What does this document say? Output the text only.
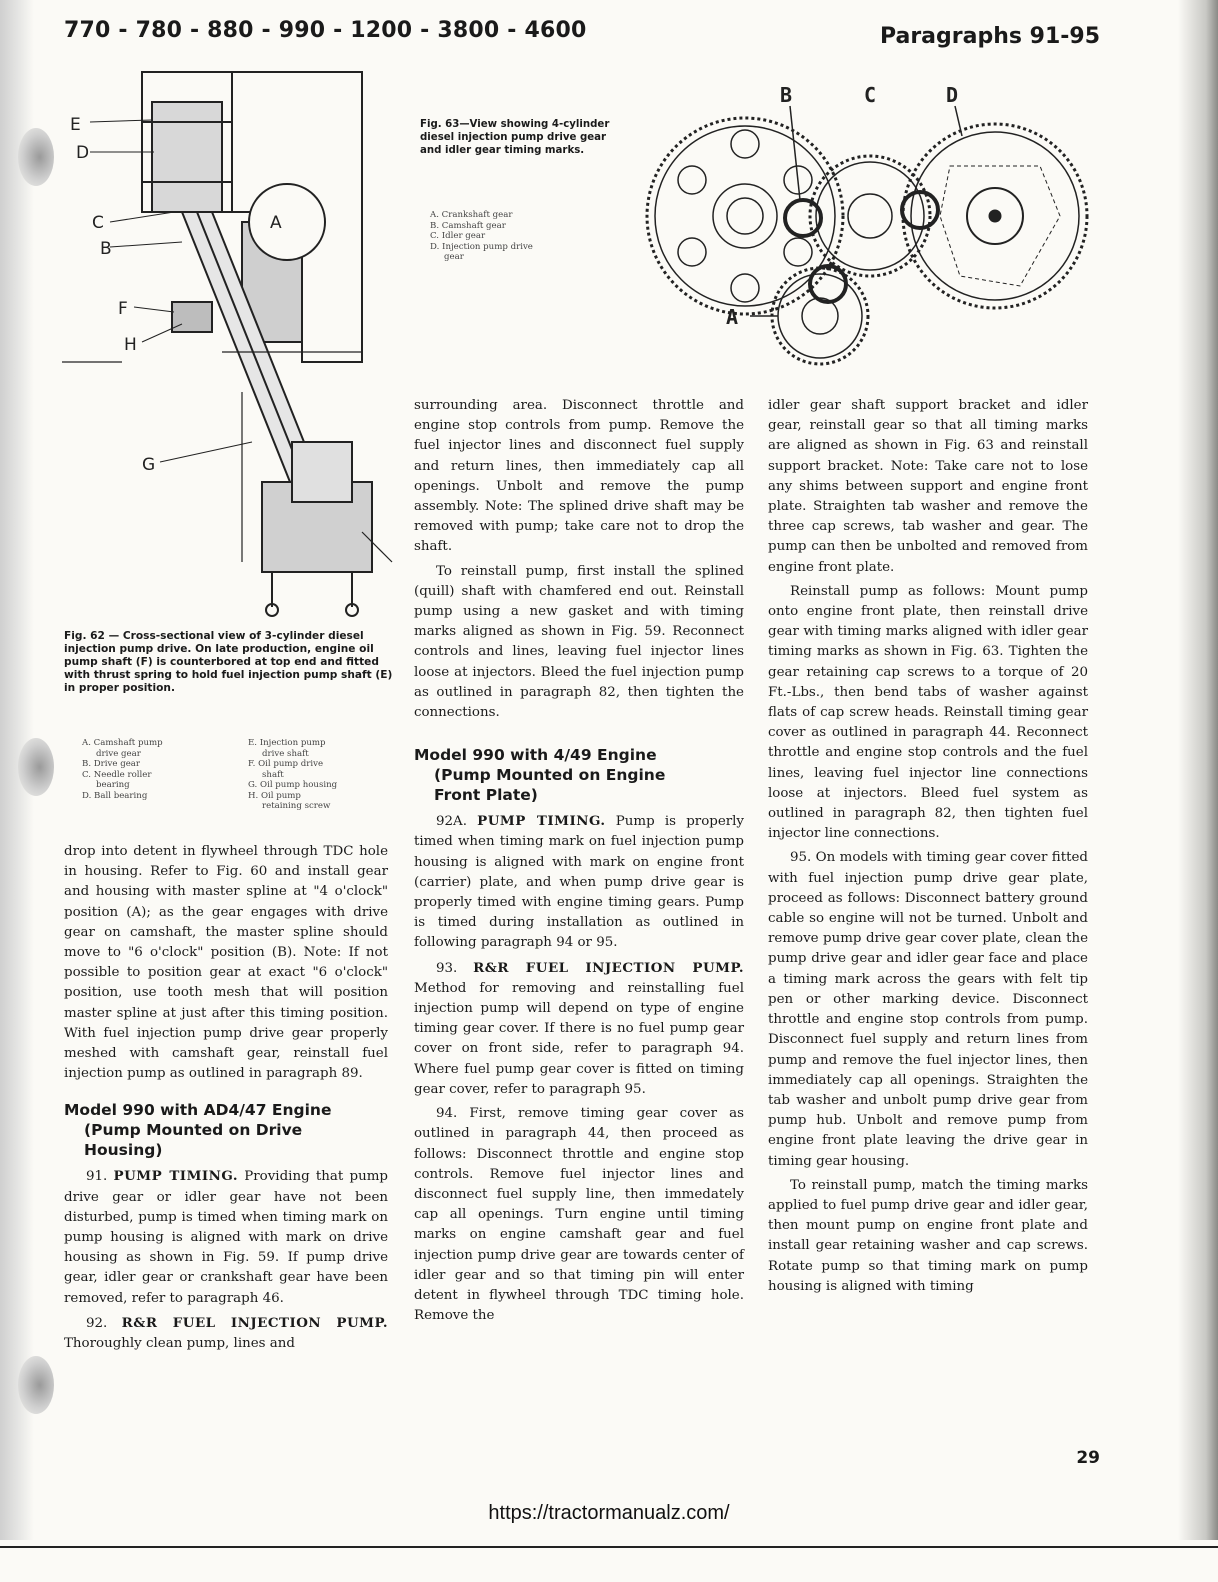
770 - 780 - 880 - 990 - 1200 - 3800 - 4600	Paragraphs 91-95
E
D
C
B
A
F
H
G
Fig. 62 — Cross-sectional view of 3-cylinder diesel injection pump drive. On late production, engine oil pump shaft (F) is counterbored at top end and fitted with thrust spring to hold fuel injection pump shaft (E) in proper position.
A. Camshaft pump
drive gear
B. Drive gear
C. Needle roller
bearing
D. Ball bearing
E. Injection pump
drive shaft
F. Oil pump drive
shaft
G. Oil pump housing
H. Oil pump
retaining screw
Fig. 63—View showing 4-cylinder diesel injection pump drive gear and idler gear timing marks.
A. Crankshaft gear
B. Camshaft gear
C. Idler gear
D. Injection pump drive
gear
B	C	D
A

drop into detent in flywheel through TDC hole in housing. Refer to Fig. 60 and install gear and housing with master spline at "4 o'clock" position (A); as the gear engages with drive gear on camshaft, the master spline should move to "6 o'clock" position (B). Note: If not possible to position gear at exact "6 o'clock" position, use tooth mesh that will position master spline at just after this timing position. With fuel injection pump drive gear properly meshed with camshaft gear, reinstall fuel injection pump as outlined in paragraph 89.

Model 990 with AD4/47 Engine
(Pump Mounted on Drive
Housing)

91. PUMP TIMING. Providing that pump drive gear or idler gear have not been disturbed, pump is timed when timing mark on pump housing is aligned with mark on drive housing as shown in Fig. 59. If pump drive gear, idler gear or crankshaft gear have been removed, refer to paragraph 46.

92. R&R FUEL INJECTION PUMP. Thoroughly clean pump, lines and

surrounding area. Disconnect throttle and engine stop controls from pump. Remove the fuel injector lines and disconnect fuel supply and return lines, then immediately cap all openings. Unbolt and remove the pump assembly. Note: The splined drive shaft may be removed with pump; take care not to drop the shaft.

To reinstall pump, first install the splined (quill) shaft with chamfered end out. Reinstall pump using a new gasket and with timing marks aligned as shown in Fig. 59. Reconnect controls and lines, leaving fuel injector lines loose at injectors. Bleed the fuel injection pump as outlined in paragraph 82, then tighten the connections.

Model 990 with 4/49 Engine
(Pump Mounted on Engine
Front Plate)

92A. PUMP TIMING. Pump is properly timed when timing mark on fuel injection pump housing is aligned with mark on engine front (carrier) plate, and when pump drive gear is properly timed with engine timing gears. Pump is timed during installation as outlined in following paragraph 94 or 95.

93. R&R FUEL INJECTION PUMP. Method for removing and reinstalling fuel injection pump will depend on type of engine timing gear cover. If there is no fuel pump gear cover on front side, refer to paragraph 94. Where fuel pump gear cover is fitted on timing gear cover, refer to paragraph 95.

94. First, remove timing gear cover as outlined in paragraph 44, then proceed as follows: Disconnect throttle and engine stop controls. Remove fuel injector lines and disconnect fuel supply line, then immedately cap all openings. Turn engine until timing marks on engine camshaft gear and fuel injection pump drive gear are towards center of idler gear and so that timing pin will enter detent in flywheel through TDC timing hole. Remove the

idler gear shaft support bracket and idler gear, reinstall gear so that all timing marks are aligned as shown in Fig. 63 and reinstall support bracket. Note: Take care not to lose any shims between support and engine front plate. Straighten tab washer and remove the three cap screws, tab washer and gear. The pump can then be unbolted and removed from engine front plate.

Reinstall pump as follows: Mount pump onto engine front plate, then reinstall drive gear with timing marks aligned with idler gear timing marks as shown in Fig. 63. Tighten the gear retaining cap screws to a torque of 20 Ft.-Lbs., then bend tabs of washer against flats of cap screw heads. Reinstall timing gear cover as outlined in paragraph 44. Reconnect throttle and engine stop controls and the fuel lines, leaving fuel injector line connections loose at injectors. Bleed fuel system as outlined in paragraph 82, then tighten fuel injector line connections.

95. On models with timing gear cover fitted with fuel injection pump drive gear plate, proceed as follows: Disconnect battery ground cable so engine will not be turned. Unbolt and remove pump drive gear cover plate, clean the pump drive gear and idler gear face and place a timing mark across the gears with felt tip pen or other marking device. Disconnect throttle and engine stop controls from pump. Disconnect fuel supply and return lines from pump and remove the fuel injector lines, then immediately cap all openings. Straighten the tab washer and unbolt pump drive gear from pump hub. Unbolt and remove pump from engine front plate leaving the drive gear in timing gear housing.

To reinstall pump, match the timing marks applied to fuel pump drive gear and idler gear, then mount pump on engine front plate and install gear retaining washer and cap screws. Rotate pump so that timing mark on pump housing is aligned with timing

29
https://tractormanualz.com/
